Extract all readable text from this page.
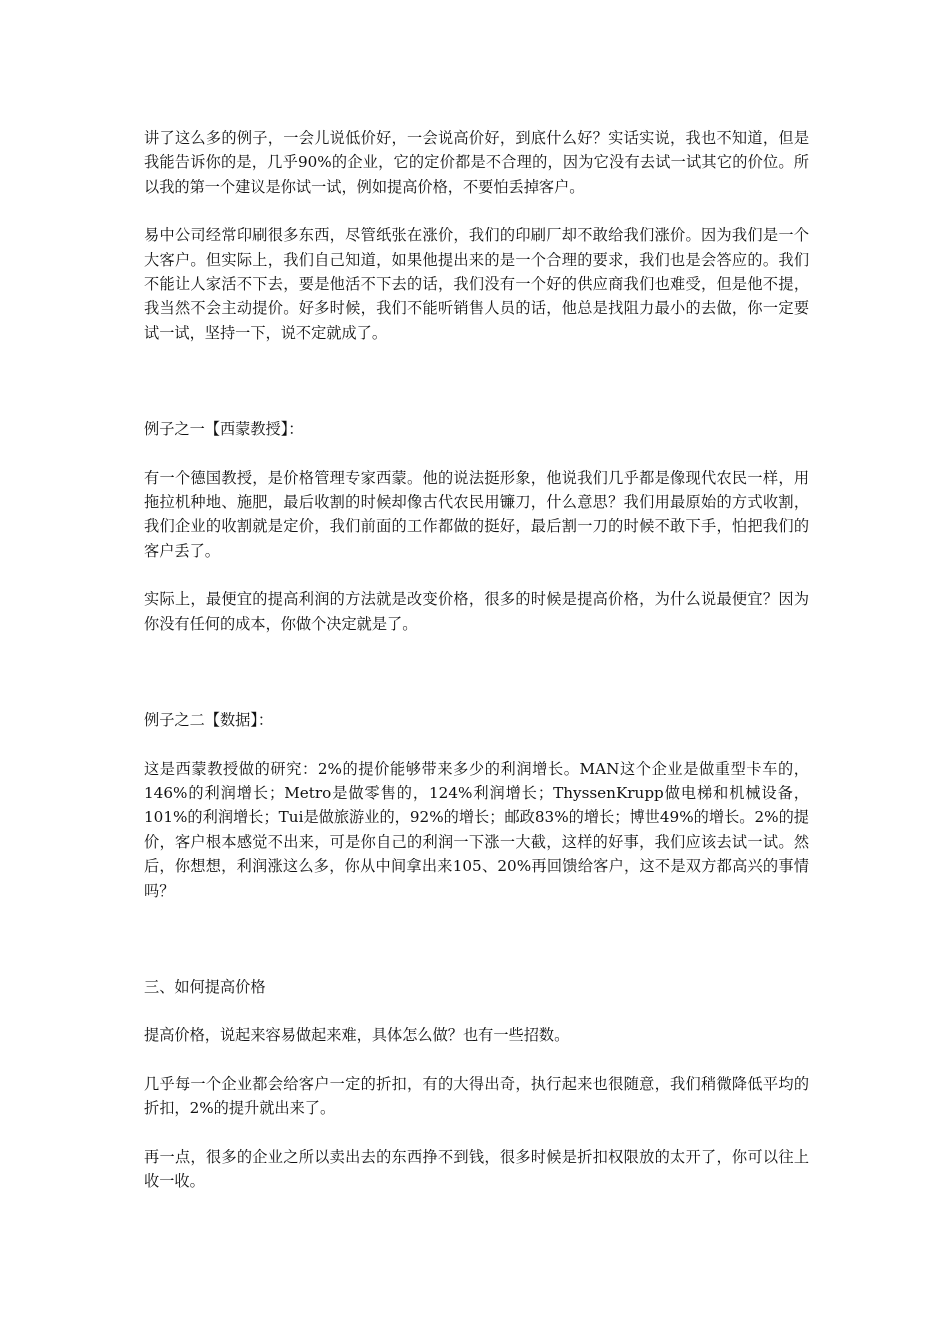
讲了这么多的例子，一会儿说低价好，一会说高价好，到底什么好？实话实说，我也不知道，但是我能告诉你的是，几乎90%的企业，它的定价都是不合理的，因为它没有去试一试其它的价位。所以我的第一个建议是你试一试，例如提高价格，不要怕丢掉客户。

易中公司经常印刷很多东西，尽管纸张在涨价，我们的印刷厂却不敢给我们涨价。因为我们是一个大客户。但实际上，我们自己知道，如果他提出来的是一个合理的要求，我们也是会答应的。我们不能让人家活不下去，要是他活不下去的话，我们没有一个好的供应商我们也难受，但是他不提，我当然不会主动提价。好多时候，我们不能听销售人员的话，他总是找阻力最小的去做，你一定要试一试，坚持一下，说不定就成了。

例子之一【西蒙教授】：

有一个德国教授，是价格管理专家西蒙。他的说法挺形象，他说我们几乎都是像现代农民一样，用拖拉机种地、施肥，最后收割的时候却像古代农民用镰刀，什么意思？我们用最原始的方式收割，我们企业的收割就是定价，我们前面的工作都做的挺好，最后割一刀的时候不敢下手，怕把我们的客户丢了。

实际上，最便宜的提高利润的方法就是改变价格，很多的时候是提高价格，为什么说最便宜？因为你没有任何的成本，你做个决定就是了。

例子之二【数据】：

这是西蒙教授做的研究：2%的提价能够带来多少的利润增长。MAN这个企业是做重型卡车的，146%的利润增长；Metro是做零售的，124%利润增长；ThyssenKrupp做电梯和机械设备，101%的利润增长；Tui是做旅游业的，92%的增长；邮政83%的增长；博世49%的增长。2%的提价，客户根本感觉不出来，可是你自己的利润一下涨一大截，这样的好事，我们应该去试一试。然后，你想想，利润涨这么多，你从中间拿出来105、20%再回馈给客户，这不是双方都高兴的事情吗？

三、如何提高价格

提高价格，说起来容易做起来难，具体怎么做？也有一些招数。

几乎每一个企业都会给客户一定的折扣，有的大得出奇，执行起来也很随意，我们稍微降低平均的折扣，2%的提升就出来了。

再一点，很多的企业之所以卖出去的东西挣不到钱，很多时候是折扣权限放的太开了，你可以往上收一收。
